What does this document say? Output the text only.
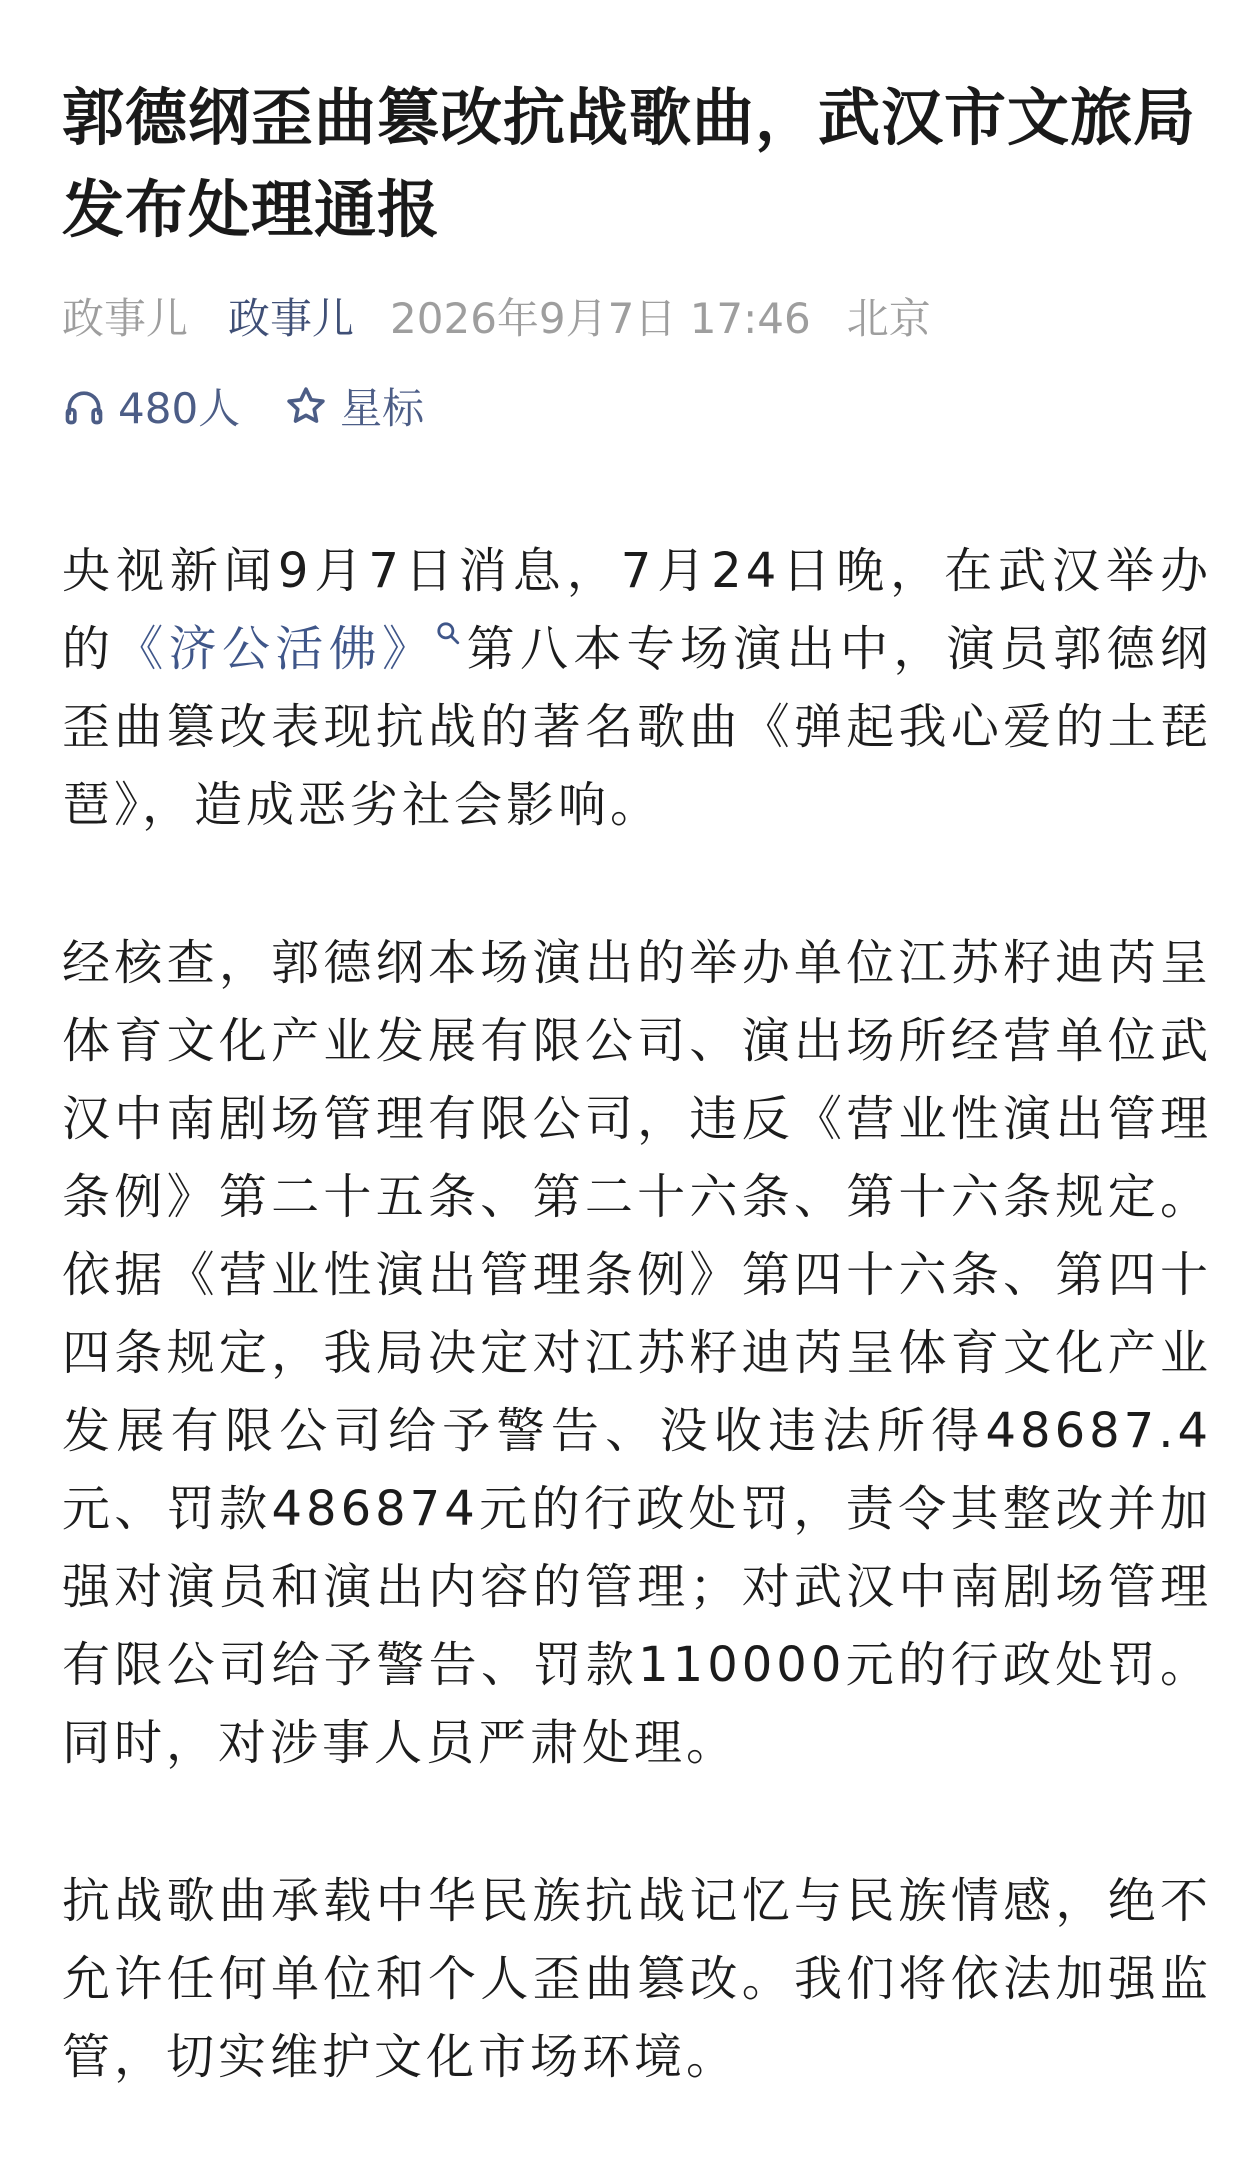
郭德纲歪曲篡改抗战歌曲，武汉市文旅局发布处理通报
政事儿 政事儿 2026年9月7日 17:46 北京
480人 星标

央视新闻9月7日消息，7月24日晚，在武汉举办的《济公活佛》 第八本专场演出中，演员郭德纲歪曲篡改表现抗战的著名歌曲《弹起我心爱的土琵琶》，造成恶劣社会影响。

经核查，郭德纲本场演出的举办单位江苏籽迪芮呈体育文化产业发展有限公司、演出场所经营单位武汉中南剧场管理有限公司，违反《营业性演出管理条例》第二十五条、第二十六条、第十六条规定。依据《营业性演出管理条例》第四十六条、第四十四条规定，我局决定对江苏籽迪芮呈体育文化产业发展有限公司给予警告、没收违法所得48687.4元、罚款486874元的行政处罚，责令其整改并加强对演员和演出内容的管理；对武汉中南剧场管理有限公司给予警告、罚款110000元的行政处罚。同时，对涉事人员严肃处理。

抗战歌曲承载中华民族抗战记忆与民族情感，绝不允许任何单位和个人歪曲篡改。我们将依法加强监管，切实维护文化市场环境。
